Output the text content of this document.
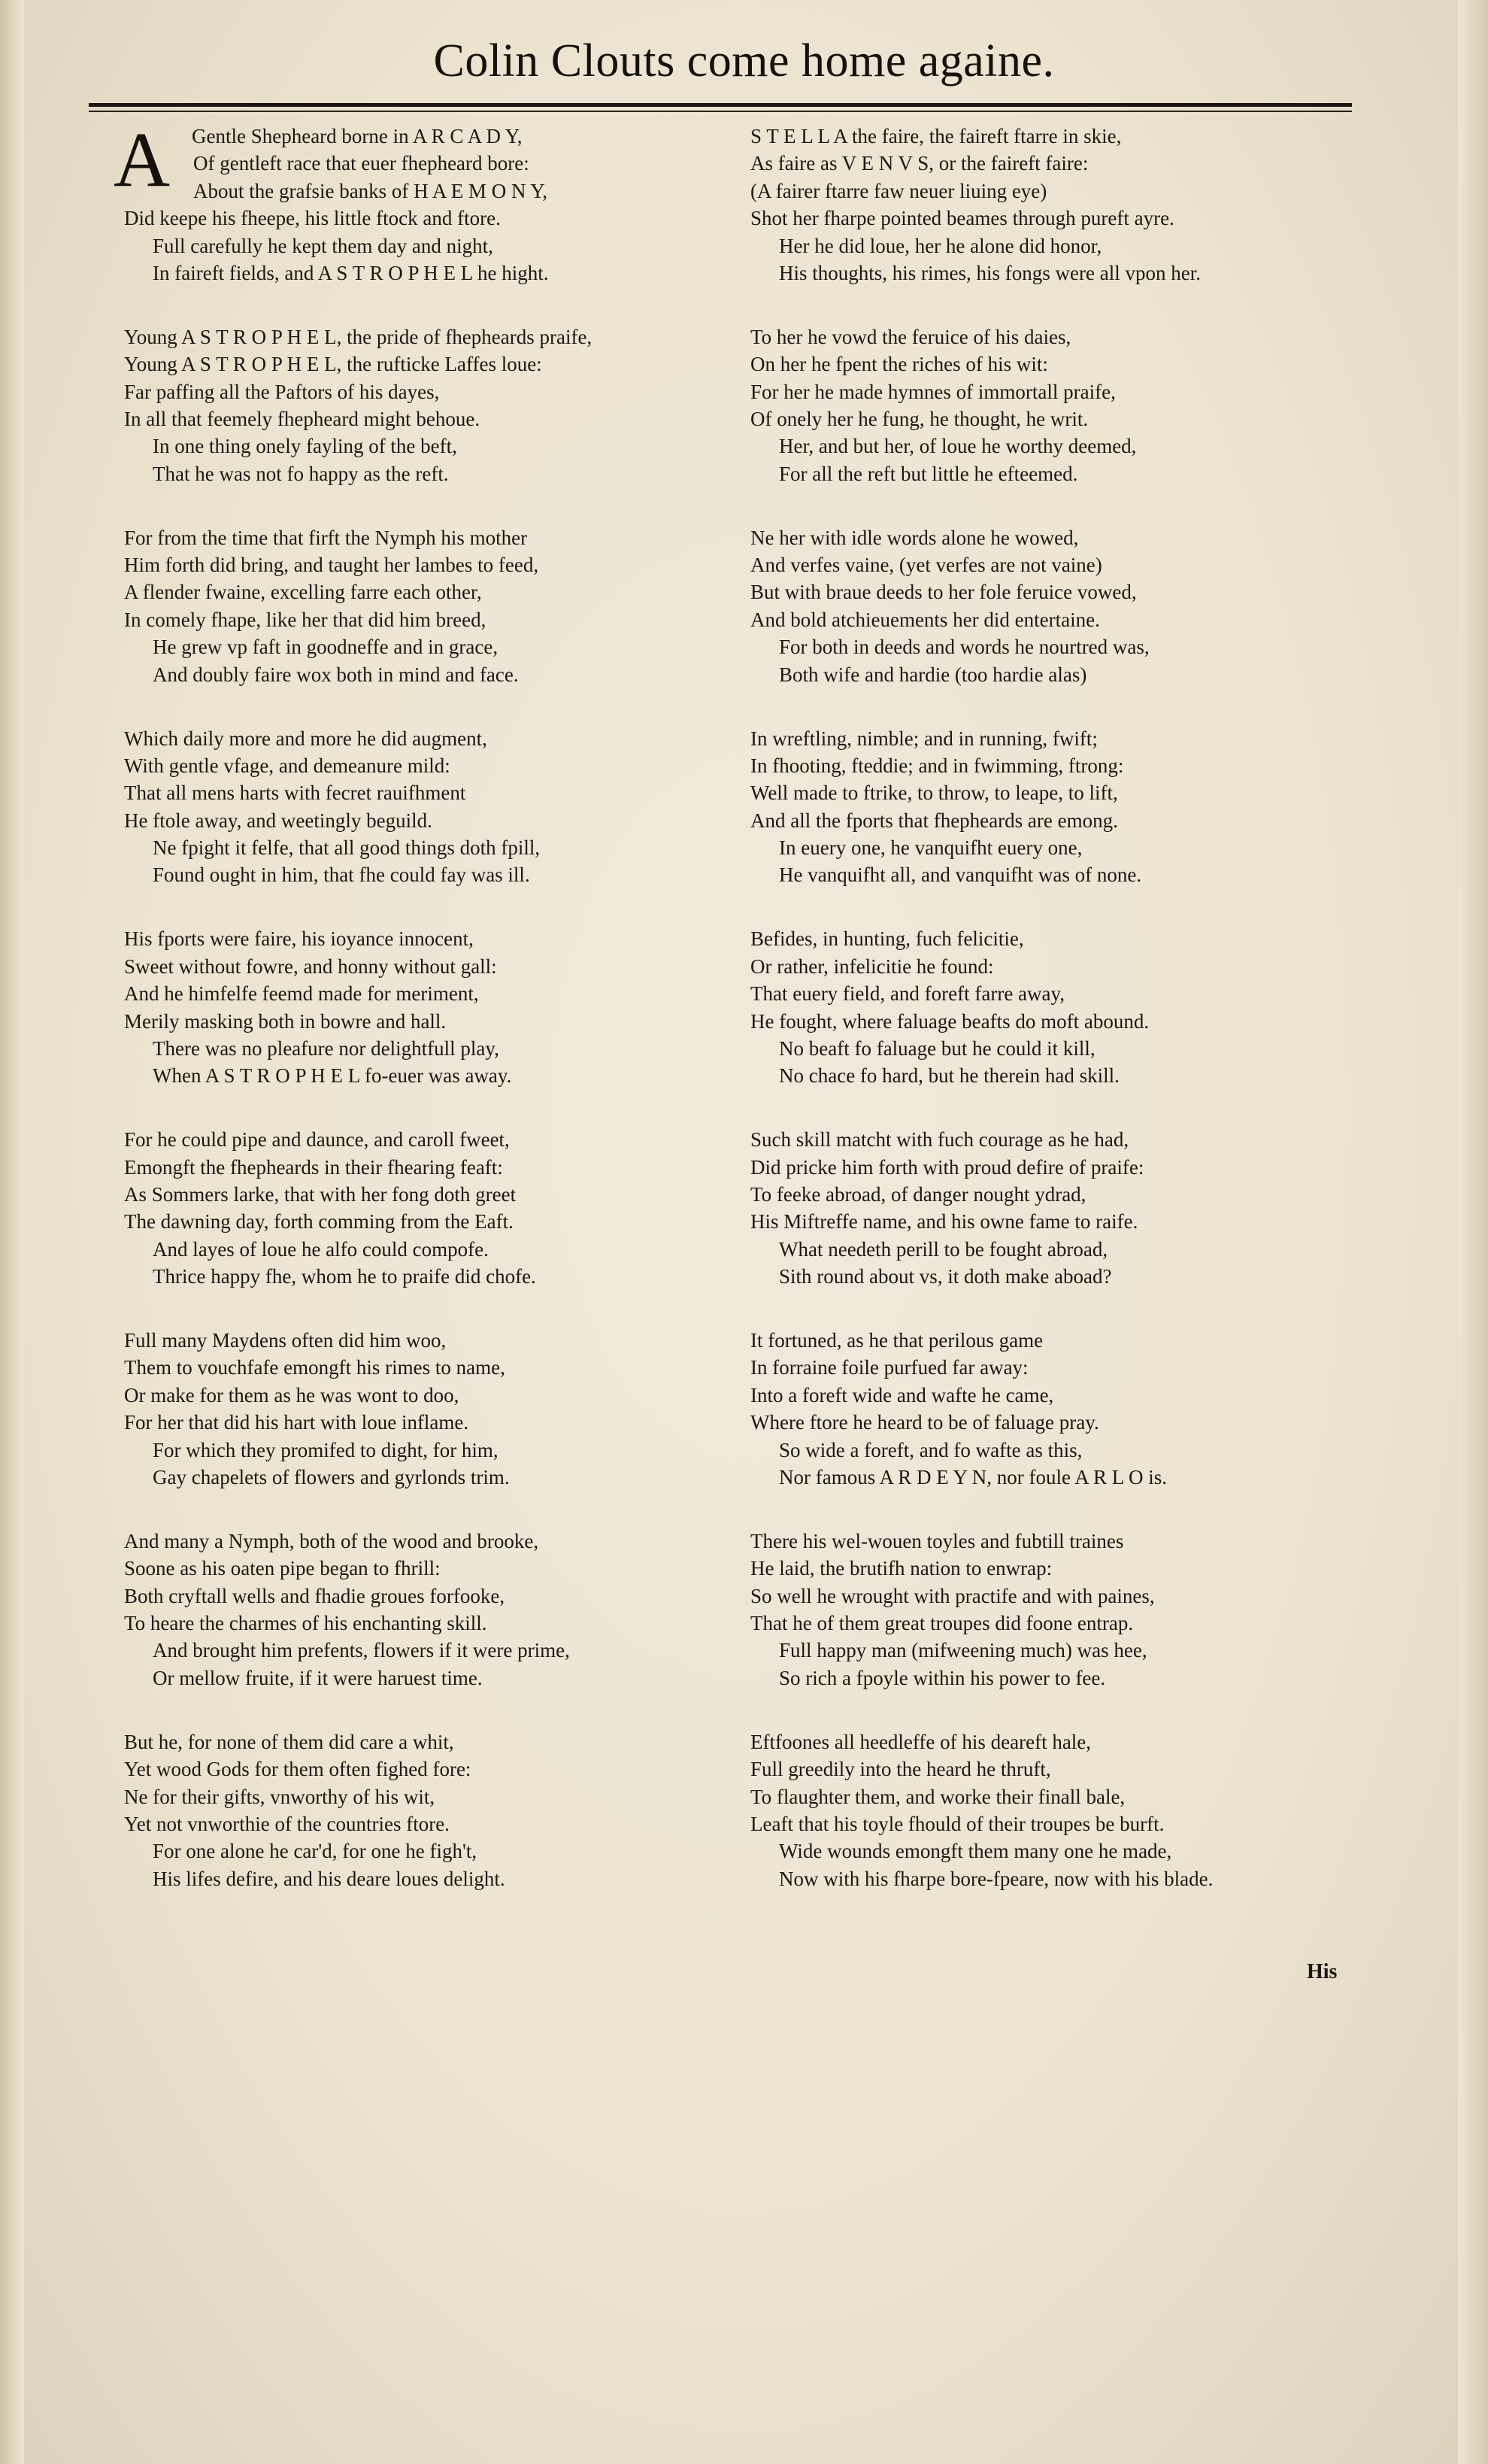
Colin Clouts come home againe.
A	Gentle Shepheard borne in A R C A D Y,
Of gentleft race that euer fhepheard bore:
About the grafsie banks of H A E M O N Y,
Did keepe his fheepe, his little ftock and ftore.
Full carefully he kept them day and night,
In faireft fields, and A S T R O P H E L he hight.
Young A S T R O P H E L, the pride of fhepheards praife,
Young A S T R O P H E L, the rufticke Laffes loue:
Far paffing all the Paftors of his dayes,
In all that feemely fhepheard might behoue.
In one thing onely fayling of the beft,
That he was not fo happy as the reft.
For from the time that firft the Nymph his mother
Him forth did bring, and taught her lambes to feed,
A flender fwaine, excelling farre each other,
In comely fhape, like her that did him breed,
He grew vp faft in goodneffe and in grace,
And doubly faire wox both in mind and face.
Which daily more and more he did augment,
With gentle vfage, and demeanure mild:
That all mens harts with fecret rauifhment
He ftole away, and weetingly beguild.
Ne fpight it felfe, that all good things doth fpill,
Found ought in him, that fhe could fay was ill.
His fports were faire, his ioyance innocent,
Sweet without fowre, and honny without gall:
And he himfelfe feemd made for meriment,
Merily masking both in bowre and hall.
There was no pleafure nor delightfull play,
When A S T R O P H E L fo-euer was away.
For he could pipe and daunce, and caroll fweet,
Emongft the fhepheards in their fhearing feaft:
As Sommers larke, that with her fong doth greet
The dawning day, forth comming from the Eaft.
And layes of loue he alfo could compofe.
Thrice happy fhe, whom he to praife did chofe.
Full many Maydens often did him woo,
Them to vouchfafe emongft his rimes to name,
Or make for them as he was wont to doo,
For her that did his hart with loue inflame.
For which they promifed to dight, for him,
Gay chapelets of flowers and gyrlonds trim.
And many a Nymph, both of the wood and brooke,
Soone as his oaten pipe began to fhrill:
Both cryftall wells and fhadie groues forfooke,
To heare the charmes of his enchanting skill.
And brought him prefents, flowers if it were prime,
Or mellow fruite, if it were haruest time.
But he, for none of them did care a whit,
Yet wood Gods for them often fighed fore:
Ne for their gifts, vnworthy of his wit,
Yet not vnworthie of the countries ftore.
For one alone he car'd, for one he figh't,
His lifes defire, and his deare loues delight.
S T E L L A the faire, the faireft ftarre in skie,
As faire as V E N V S, or the faireft faire:
(A fairer ftarre faw neuer liuing eye)
Shot her fharpe pointed beames through pureft ayre.
Her he did loue, her he alone did honor,
His thoughts, his rimes, his fongs were all vpon her.
To her he vowd the feruice of his daies,
On her he fpent the riches of his wit:
For her he made hymnes of immortall praife,
Of onely her he fung, he thought, he writ.
Her, and but her, of loue he worthy deemed,
For all the reft but little he efteemed.
Ne her with idle words alone he wowed,
And verfes vaine, (yet verfes are not vaine)
But with braue deeds to her fole feruice vowed,
And bold atchieuements her did entertaine.
For both in deeds and words he nourtred was,
Both wife and hardie (too hardie alas)
In wreftling, nimble; and in running, fwift;
In fhooting, fteddie; and in fwimming, ftrong:
Well made to ftrike, to throw, to leape, to lift,
And all the fports that fhepheards are emong.
In euery one, he vanquifht euery one,
He vanquifht all, and vanquifht was of none.
Befides, in hunting, fuch felicitie,
Or rather, infelicitie he found:
That euery field, and foreft farre away,
He fought, where faluage beafts do moft abound.
No beaft fo faluage but he could it kill,
No chace fo hard, but he therein had skill.
Such skill matcht with fuch courage as he had,
Did pricke him forth with proud defire of praife:
To feeke abroad, of danger nought ydrad,
His Miftreffe name, and his owne fame to raife.
What needeth perill to be fought abroad,
Sith round about vs, it doth make aboad?
It fortuned, as he that perilous game
In forraine foile purfued far away:
Into a foreft wide and wafte he came,
Where ftore he heard to be of faluage pray.
So wide a foreft, and fo wafte as this,
Nor famous A R D E Y N, nor foule A R L O is.
There his wel-wouen toyles and fubtill traines
He laid, the brutifh nation to enwrap:
So well he wrought with practife and with paines,
That he of them great troupes did foone entrap.
Full happy man (mifweening much) was hee,
So rich a fpoyle within his power to fee.
Eftfoones all heedleffe of his deareft hale,
Full greedily into the heard he thruft,
To flaughter them, and worke their finall bale,
Leaft that his toyle fhould of their troupes be burft.
Wide wounds emongft them many one he made,
Now with his fharpe bore-fpeare, now with his blade.
His
